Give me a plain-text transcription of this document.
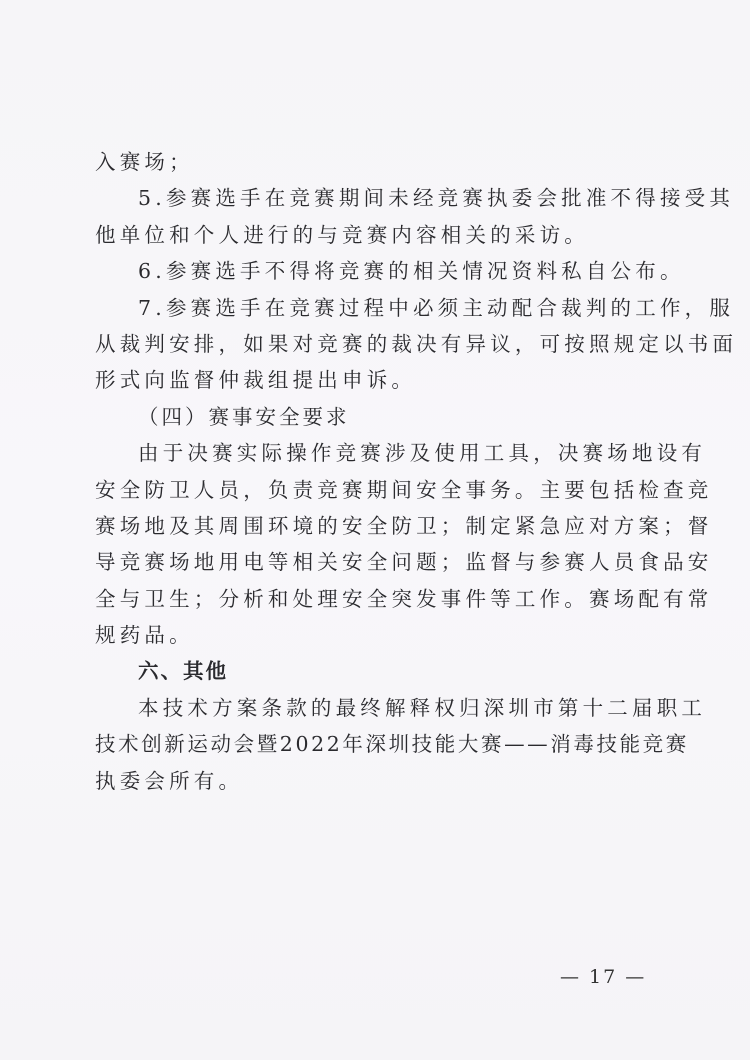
入赛场；
5.参赛选手在竞赛期间未经竞赛执委会批准不得接受其
他单位和个人进行的与竞赛内容相关的采访。
6.参赛选手不得将竞赛的相关情况资料私自公布。
7.参赛选手在竞赛过程中必须主动配合裁判的工作，服
从裁判安排，如果对竞赛的裁决有异议，可按照规定以书面
形式向监督仲裁组提出申诉。
（四）赛事安全要求
由于决赛实际操作竞赛涉及使用工具，决赛场地设有
安全防卫人员，负责竞赛期间安全事务。主要包括检查竞
赛场地及其周围环境的安全防卫；制定紧急应对方案；督
导竞赛场地用电等相关安全问题；监督与参赛人员食品安
全与卫生；分析和处理安全突发事件等工作。赛场配有常
规药品。
六、其他
本技术方案条款的最终解释权归深圳市第十二届职工
技术创新运动会暨2022年深圳技能大赛——消毒技能竞赛
执委会所有。
— 17 —
